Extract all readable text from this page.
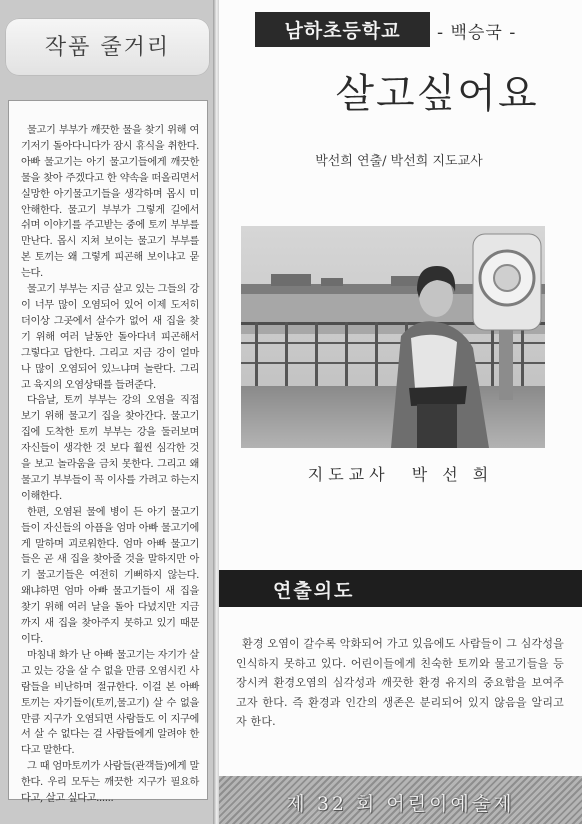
작품 줄거리

물고기 부부가 깨끗한 물을 찾기 위해 여기저기 돌아다니다가 잠시 휴식을 취한다. 아빠 물고기는 아기 물고기들에게 깨끗한 물을 찾아 주겠다고 한 약속을 떠올리면서 실망한 아기물고기들을 생각하며 몹시 미안해한다. 물고기 부부가 그렇게 길에서 쉬며 이야기를 주고받는 중에 토끼 부부를 만난다. 몹시 지쳐 보이는 물고기 부부를 본 토끼는 왜 그렇게 피곤해 보이냐고 묻는다.

물고기 부부는 지금 살고 있는 그들의 강이 너무 많이 오염되어 있어 이제 도저히 더이상 그곳에서 살수가 없어 새 집을 찾기 위해 여러 날동안 돌아다녀 피곤해서 그렇다고 답한다. 그리고 지금 강이 얼마나 많이 오염되어 있느냐며 놀란다. 그리고 육지의 오염상태를 들려준다.

다음날, 토끼 부부는 강의 오염을 직접 보기 위해 물고기 집을 찾아간다. 물고기 집에 도착한 토끼 부부는 강을 둘러보며 자신들이 생각한 것 보다 훨씬 심각한 것을 보고 놀라움을 금치 못한다. 그리고 왜 물고기 부부들이 꼭 이사를 가려고 하는지 이해한다.

한편, 오염된 물에 병이 든 아기 물고기들이 자신들의 아픔을 엄마 아빠 물고기에게 말하며 괴로워한다. 엄마 아빠 물고기들은 곧 새 집을 찾아줄 것을 말하지만 아기 물고기들은 여전히 기뻐하지 않는다. 왜냐하면 엄마 아빠 물고기들이 새 집을 찾기 위해 여러 날을 돌아 다녔지만 지금까지 새 집을 찾아주지 못하고 있기 때문이다.

마침내 화가 난 아빠 물고기는 자기가 살고 있는 강을 살 수 없을 만큼 오염시킨 사람들을 비난하며 절규한다. 이걸 본 아빠 토끼는 자기들이(토끼,물고기) 살 수 없을만큼 지구가 오염되면 사람들도 이 지구에서 살 수 없다는 걸 사람들에게 알려야 한다고 말한다.

그 때 엄마토끼가 사람들(관객들)에게 말한다. 우리 모두는 깨끗한 지구가 필요하다고, 살고 싶다고......

남하초등학교	- 백승국 -
살고싶어요
박선희 연출/ 박선희 지도교사
지도교사 박 선 희
연출의도

환경 오염이 갈수록 악화되어 가고 있음에도 사람들이 그 심각성을 인식하지 못하고 있다. 어린이들에게 친숙한 토끼와 물고기들을 등장시켜 환경오염의 심각성과 깨끗한 환경 유지의 중요함을 보여주고자 한다. 즉 환경과 인간의 생존은 분리되어 있지 않음을 알리고자 한다.

제 32 회 어린이예술제
